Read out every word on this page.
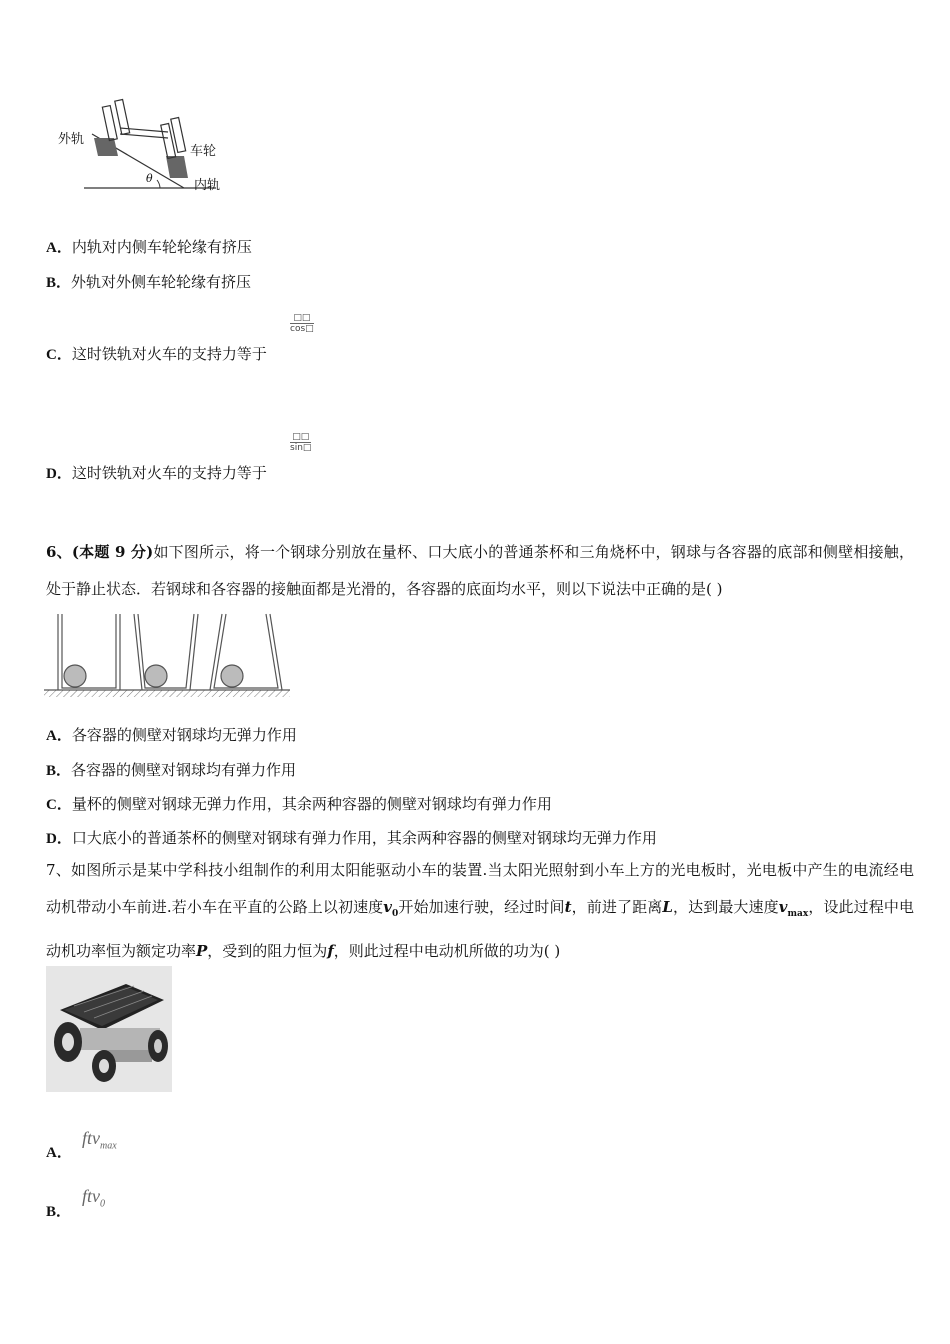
外轨
车轮
内轨
θ
A．内轨对内侧车轮轮缘有挤压
B．外轨对外侧车轮轮缘有挤压
C．这时铁轨对火车的支持力等于
□□
cos□
D．这时铁轨对火车的支持力等于
□□
sin□
6、(本题 9 分)如下图所示，将一个钢球分别放在量杯、口大底小的普通茶杯和三角烧杯中，钢球与各容器的底部和侧壁相接触，处于静止状态．若钢球和各容器的接触面都是光滑的，各容器的底面均水平，则以下说法中正确的是( )
A．各容器的侧壁对钢球均无弹力作用
B．各容器的侧壁对钢球均有弹力作用
C．量杯的侧壁对钢球无弹力作用，其余两种容器的侧壁对钢球均有弹力作用
D．口大底小的普通茶杯的侧壁对钢球有弹力作用，其余两种容器的侧壁对钢球均无弹力作用
7、如图所示是某中学科技小组制作的利用太阳能驱动小车的装置.当太阳光照射到小车上方的光电板时，光电板中产生的电流经电动机带动小车前进.若小车在平直的公路上以初速度$v_0$开始加速行驶，经过时间t，前进了距离L，达到最大速度$v_{max}$，设此过程中电动机功率恒为额定功率P，受到的阻力恒为f，则此过程中电动机所做的功为( )
A．
ftv$_{max}$
B．
ftv$_0$
